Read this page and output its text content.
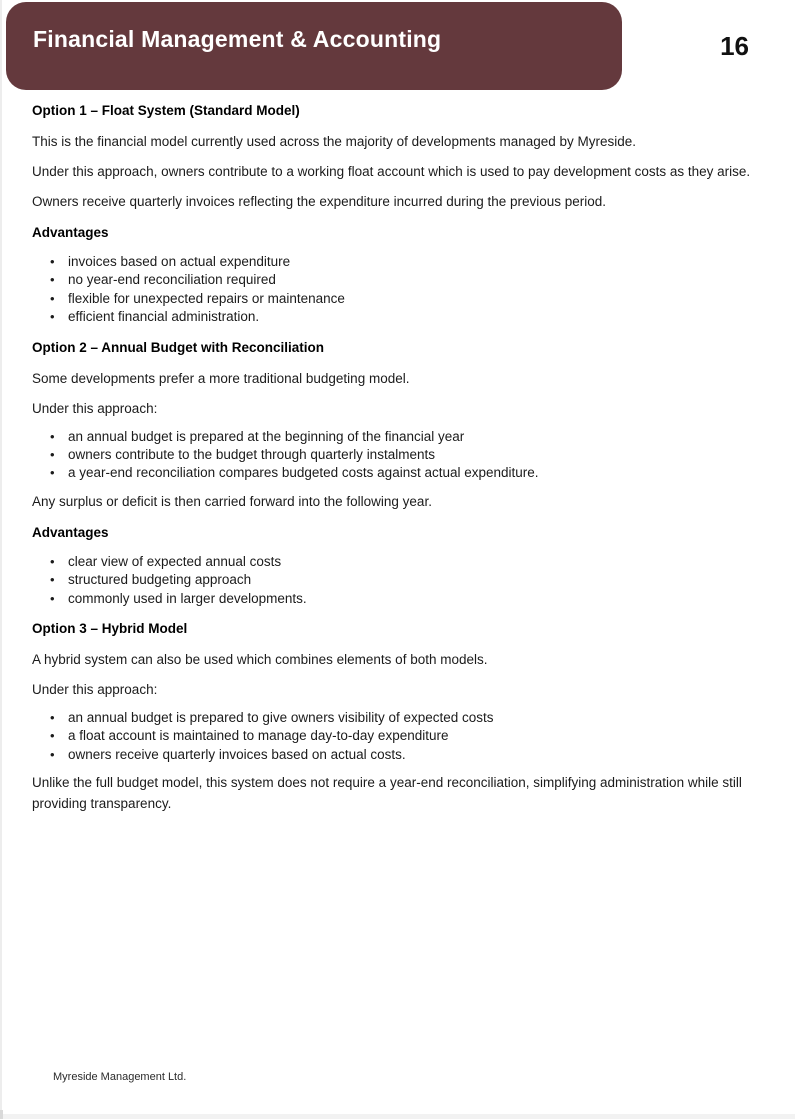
Financial Management & Accounting	16
Option 1 – Float System (Standard Model)

This is the financial model currently used across the majority of developments managed by Myreside.

Under this approach, owners contribute to a working float account which is used to pay development costs as they arise.

Owners receive quarterly invoices reflecting the expenditure incurred during the previous period.

Advantages
• invoices based on actual expenditure
• no year-end reconciliation required
• flexible for unexpected repairs or maintenance
• efficient financial administration.
Option 2 – Annual Budget with Reconciliation

Some developments prefer a more traditional budgeting model.

Under this approach:

• an annual budget is prepared at the beginning of the financial year
• owners contribute to the budget through quarterly instalments
• a year-end reconciliation compares budgeted costs against actual expenditure.

Any surplus or deficit is then carried forward into the following year.

Advantages
• clear view of expected annual costs
• structured budgeting approach
• commonly used in larger developments.
Option 3 – Hybrid Model

A hybrid system can also be used which combines elements of both models.

Under this approach:

• an annual budget is prepared to give owners visibility of expected costs
• a float account is maintained to manage day-to-day expenditure
• owners receive quarterly invoices based on actual costs.

Unlike the full budget model, this system does not require a year-end reconciliation, simplifying administration while still providing transparency.

Myreside Management Ltd.
